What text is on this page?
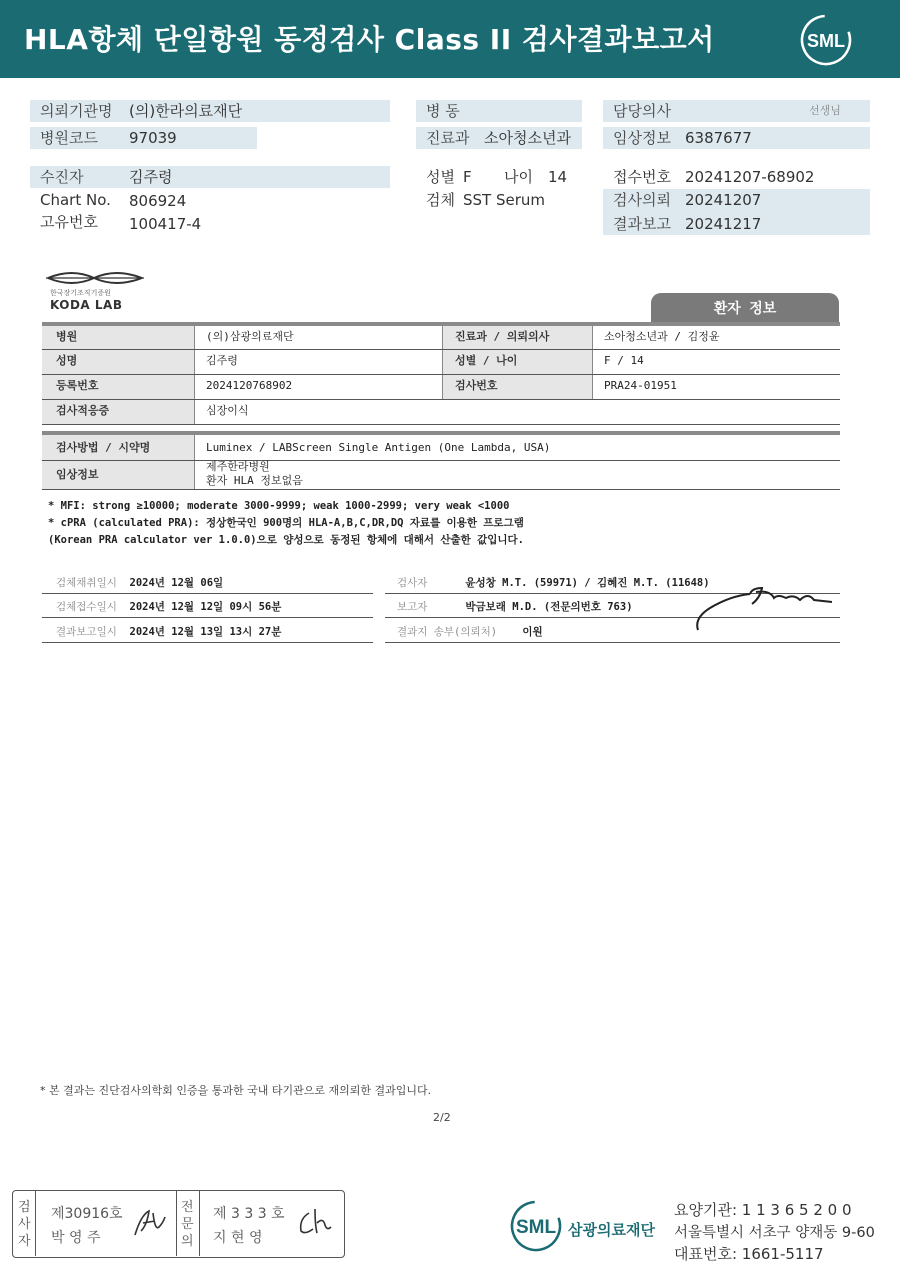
HLA항체 단일항원 동정검사 Class II 검사결과보고서	SML
의뢰기관명 (의)한라의료재단
병원코드 97039
병 동
진료과 소아청소년과
담당의사	선생님
임상정보 6387677
수진자	김주령
Chart No. 806924
고유번호 100417-4
성별 F 나이 14
검체 SST Serum
접수번호 20241207-68902
검사의뢰 20241207
결과보고 20241217
한국장기조직기증원
KODA LAB	환자 정보
병원	(의)삼광의료재단	진료과 / 의뢰의사	소아청소년과 / 김정윤
성명	김주령	성별 / 나이	F / 14
등록번호	2024120768902	검사번호	PRA24-01951
검사적응증	심장이식
검사방법 / 시약명	Luminex / LABScreen Single Antigen (One Lambda, USA)
임상정보
제주한라병원
환자 HLA 정보없음
* MFI: strong ≥10000; moderate 3000-9999; weak 1000-2999; very weak <1000
* cPRA (calculated PRA): 정상한국인 900명의 HLA-A,B,C,DR,DQ 자료를 이용한 프로그램
(Korean PRA calculator ver 1.0.0)으로 양성으로 동정된 항체에 대해서 산출한 값입니다.
검체채취일시 2024년 12월 06일
검체접수일시 2024년 12월 12일 09시 56분
결과보고일시 2024년 12월 13일 13시 27분
검사자	윤성창 M.T. (59971) / 김혜진 M.T. (11648)
보고자	박금보래 M.D. (전문의번호 763)
결과지 송부(의뢰처) 이원
* 본 결과는 진단검사의학회 인증을 통과한 국내 타기관으로 재의뢰한 결과입니다.
2/2
검사자
제30916호
박 영 주
전문의
제 3 3 3 호
지 현 영	SML 삼광의료재단
요양기관: 1 1 3 6 5 2 0 0
서울특별시 서초구 양재동 9-60
대표번호: 1661-5117
